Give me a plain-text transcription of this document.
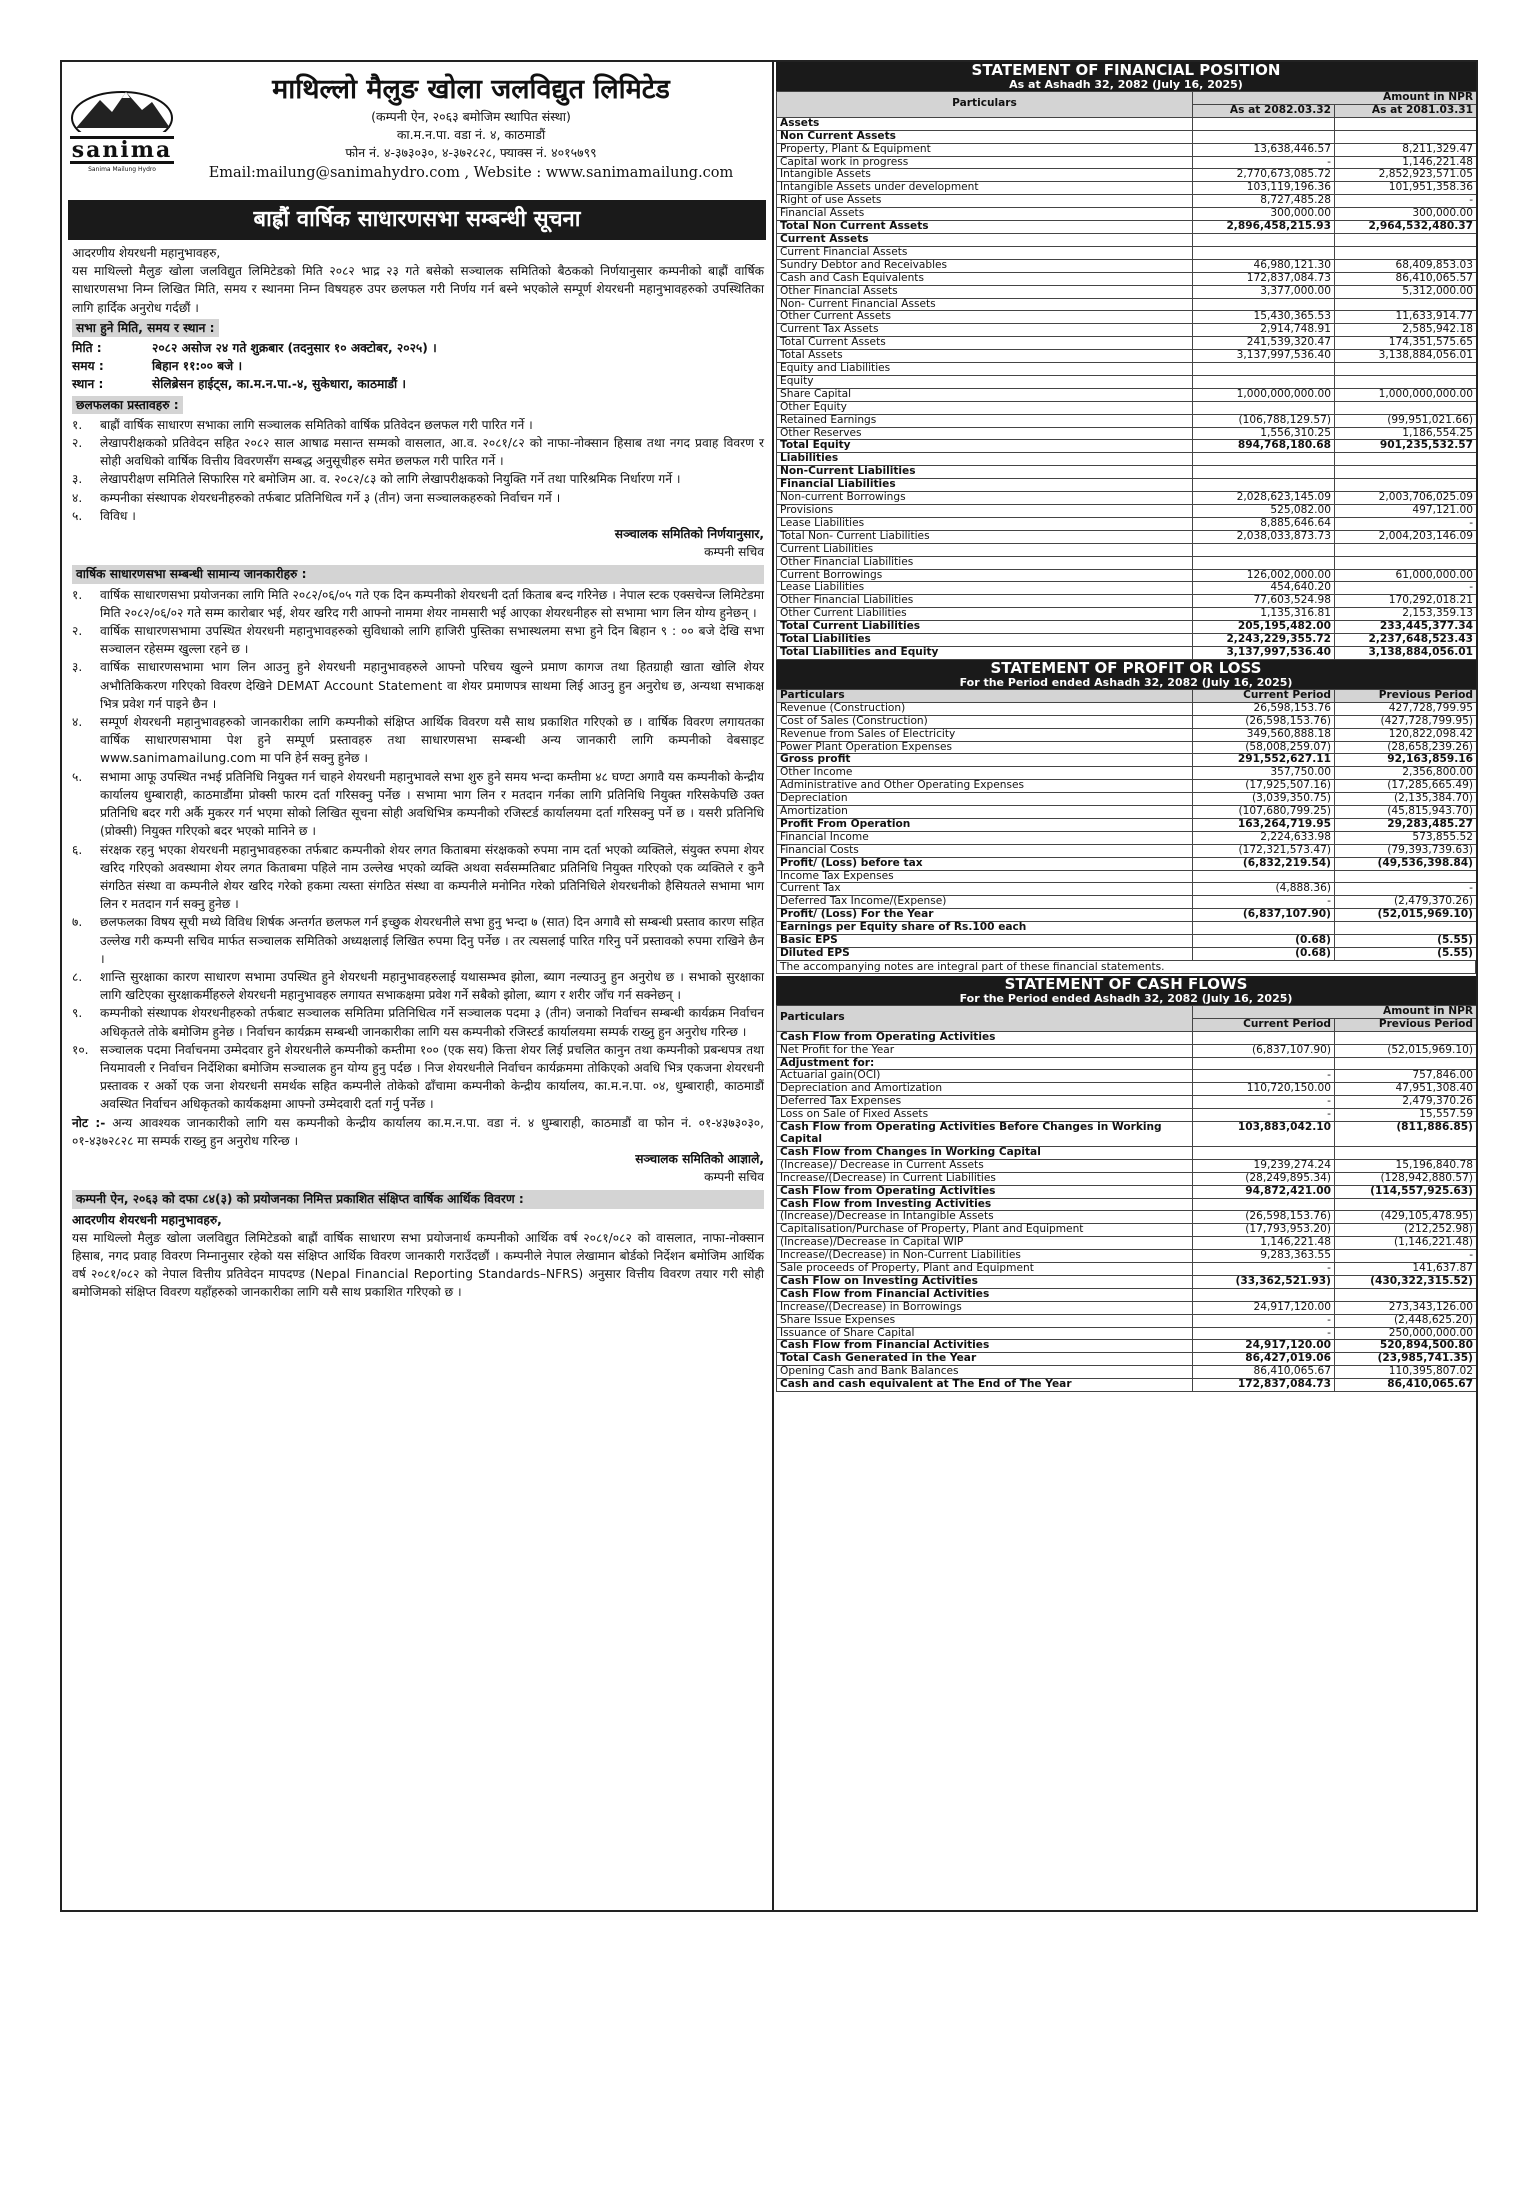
sanima
Sanima Mailung Hydro
माथिल्लो मैलुङ खोला जलविद्युत लिमिटेड
(कम्पनी ऐन, २०६३ बमोजिम स्थापित संस्था)
का.म.न.पा. वडा नं. ४, काठमाडौं
फोन नं. ४-३७३०३०, ४-३७२८२८, फ्याक्स नं. ४०१५७९९
Email:mailung@sanimahydro.com , Website : www.sanimamailung.com
बाह्रौं वार्षिक साधारणसभा सम्बन्धी सूचना

आदरणीय शेयरधनी महानुभावहरु,

यस माथिल्लो मैलुङ खोला जलविद्युत लिमिटेडको मिति २०८२ भाद्र २३ गते बसेको सञ्चालक समितिको बैठकको निर्णयानुसार कम्पनीको बाह्रौं वार्षिक साधारणसभा निम्न लिखित मिति, समय र स्थानमा निम्न विषयहरु उपर छलफल गरी निर्णय गर्न बस्ने भएकोले सम्पूर्ण शेयरधनी महानुभावहरुको उपस्थितिका लागि हार्दिक अनुरोध गर्दछौं ।

सभा हुने मिति, समय र स्थान :
मिति :	२०८२ असोज २४ गते शुक्रबार (तदनुसार १० अक्टोबर, २०२५) ।
समय :	बिहान ११:०० बजे ।
स्थान :	सेलिब्रेसन हाईट्स, का.म.न.पा.-४, सुकेधारा, काठमाडौं ।
छलफलका प्रस्तावहरु :
१.	बाह्रौं वार्षिक साधारण सभाका लागि सञ्चालक समितिको वार्षिक प्रतिवेदन छलफल गरी पारित गर्ने ।
२.	लेखापरीक्षकको प्रतिवेदन सहित २०८२ साल आषाढ मसान्त सम्मको वासलात, आ.व. २०८१/८२ को नाफा-नोक्सान हिसाब तथा नगद प्रवाह विवरण र सोही अवधिको वार्षिक वित्तीय विवरणसँग सम्बद्ध अनुसूचीहरु समेत छलफल गरी पारित गर्ने ।
३.	लेखापरीक्षण समितिले सिफारिस गरे बमोजिम आ. व. २०८२/८३ को लागि लेखापरीक्षकको नियुक्ति गर्ने तथा पारिश्रमिक निर्धारण गर्ने ।
४.	कम्पनीका संस्थापक शेयरधनीहरुको तर्फबाट प्रतिनिधित्व गर्ने ३ (तीन) जना सञ्चालकहरुको निर्वाचन गर्ने ।
५.	विविध ।
सञ्चालक समितिको निर्णयानुसार,
कम्पनी सचिव
वार्षिक साधारणसभा सम्बन्धी सामान्य जानकारीहरु :
१.	वार्षिक साधारणसभा प्रयोजनका लागि मिति २०८२/०६/०५ गते एक दिन कम्पनीको शेयरधनी दर्ता किताब बन्द गरिनेछ । नेपाल स्टक एक्सचेन्ज लिमिटेडमा मिति २०८२/०६/०२ गते सम्म कारोबार भई, शेयर खरिद गरी आफ्नो नाममा शेयर नामसारी भई आएका शेयरधनीहरु सो सभामा भाग लिन योग्य हुनेछन् ।
२.	वार्षिक साधारणसभामा उपस्थित शेयरधनी महानुभावहरुको सुविधाको लागि हाजिरी पुस्तिका सभास्थलमा सभा हुने दिन बिहान ९ : ०० बजे देखि सभा सञ्चालन रहेसम्म खुल्ला रहने छ ।
३.	वार्षिक साधारणसभामा भाग लिन आउनु हुने शेयरधनी महानुभावहरुले आफ्नो परिचय खुल्ने प्रमाण कागज तथा हितग्राही खाता खोलि शेयर अभौतिकिकरण गरिएको विवरण देखिने DEMAT Account Statement वा शेयर प्रमाणपत्र साथमा लिई आउनु हुन अनुरोध छ, अन्यथा सभाकक्ष भित्र प्रवेश गर्न पाइने छैन ।
४.	सम्पूर्ण शेयरधनी महानुभावहरुको जानकारीका लागि कम्पनीको संक्षिप्त आर्थिक विवरण यसै साथ प्रकाशित गरिएको छ । वार्षिक विवरण लगायतका वार्षिक साधारणसभामा पेश हुने सम्पूर्ण प्रस्तावहरु तथा साधारणसभा सम्बन्धी अन्य जानकारी लागि कम्पनीको वेबसाइट www.sanimamailung.com मा पनि हेर्न सक्नु हुनेछ ।
५.	सभामा आफू उपस्थित नभई प्रतिनिधि नियुक्त गर्न चाहने शेयरधनी महानुभावले सभा शुरु हुने समय भन्दा कम्तीमा ४८ घण्टा अगावै यस कम्पनीको केन्द्रीय कार्यालय धुम्बाराही, काठमाडौंमा प्रोक्सी फारम दर्ता गरिसक्नु पर्नेछ । सभामा भाग लिन र मतदान गर्नका लागि प्रतिनिधि नियुक्त गरिसकेपछि उक्त प्रतिनिधि बदर गरी अर्कै मुकरर गर्न भएमा सोको लिखित सूचना सोही अवधिभित्र कम्पनीको रजिस्टर्ड कार्यालयमा दर्ता गरिसक्नु पर्ने छ । यसरी प्रतिनिधि (प्रोक्सी) नियुक्त गरिएको बदर भएको मानिने छ ।
६.	संरक्षक रहनु भएका शेयरधनी महानुभावहरुका तर्फबाट कम्पनीको शेयर लगत किताबमा संरक्षकको रुपमा नाम दर्ता भएको व्यक्तिले, संयुक्त रुपमा शेयर खरिद गरिएको अवस्थामा शेयर लगत किताबमा पहिले नाम उल्लेख भएको व्यक्ति अथवा सर्वसम्मतिबाट प्रतिनिधि नियुक्त गरिएको एक व्यक्तिले र कुनै संगठित संस्था वा कम्पनीले शेयर खरिद गरेको हकमा त्यस्ता संगठित संस्था वा कम्पनीले मनोनित गरेको प्रतिनिधिले शेयरधनीको हैसियतले सभामा भाग लिन र मतदान गर्न सक्नु हुनेछ ।
७.	छलफलका विषय सूची मध्ये विविध शिर्षक अन्तर्गत छलफल गर्न इच्छुक शेयरधनीले सभा हुनु भन्दा ७ (सात) दिन अगावै सो सम्बन्धी प्रस्ताव कारण सहित उल्लेख गरी कम्पनी सचिव मार्फत सञ्चालक समितिको अध्यक्षलाई लिखित रुपमा दिनु पर्नेछ । तर त्यसलाई पारित गरिनु पर्ने प्रस्तावको रुपमा राखिने छैन ।
८.	शान्ति सुरक्षाका कारण साधारण सभामा उपस्थित हुने शेयरधनी महानुभावहरुलाई यथासम्भव झोला, ब्याग नल्याउनु हुन अनुरोध छ । सभाको सुरक्षाका लागि खटिएका सुरक्षाकर्मीहरुले शेयरधनी महानुभावहरु लगायत सभाकक्षमा प्रवेश गर्ने सबैको झोला, ब्याग र शरीर जाँच गर्न सक्नेछन् ।
९.	कम्पनीको संस्थापक शेयरधनीहरुको तर्फबाट सञ्चालक समितिमा प्रतिनिधित्व गर्ने सञ्चालक पदमा ३ (तीन) जनाको निर्वाचन सम्बन्धी कार्यक्रम निर्वाचन अधिकृतले तोके बमोजिम हुनेछ । निर्वाचन कार्यक्रम सम्बन्धी जानकारीका लागि यस कम्पनीको रजिस्टर्ड कार्यालयमा सम्पर्क राख्नु हुन अनुरोध गरिन्छ ।
१०. सञ्चालक पदमा निर्वाचनमा उम्मेदवार हुने शेयरधनीले कम्पनीको कम्तीमा १०० (एक सय) कित्ता शेयर लिई प्रचलित कानुन तथा कम्पनीको प्रबन्धपत्र तथा नियमावली र निर्वाचन निर्देशिका बमोजिम सञ्चालक हुन योग्य हुनु पर्दछ । निज शेयरधनीले निर्वाचन कार्यक्रममा तोकिएको अवधि भित्र एकजना शेयरधनी प्रस्तावक र अर्को एक जना शेयरधनी समर्थक सहित कम्पनीले तोकेको ढाँचामा कम्पनीको केन्द्रीय कार्यालय, का.म.न.पा. ०४, धुम्बाराही, काठमाडौं अवस्थित निर्वाचन अधिकृतको कार्यकक्षमा आफ्नो उम्मेदवारी दर्ता गर्नु पर्नेछ ।

नोट :- अन्य आवश्यक जानकारीको लागि यस कम्पनीको केन्द्रीय कार्यालय का.म.न.पा. वडा नं. ४ धुम्बाराही, काठमाडौं वा फोन नं. ०१-४३७३०३०, ०१-४३७२८२८ मा सम्पर्क राख्नु हुन अनुरोध गरिन्छ ।

सञ्चालक समितिको आज्ञाले,
कम्पनी सचिव
कम्पनी ऐन, २०६३ को दफा ८४(३) को प्रयोजनका निमित्त प्रकाशित संक्षिप्त वार्षिक आर्थिक विवरण :

आदरणीय शेयरधनी महानुभावहरु,

यस माथिल्लो मैलुङ खोला जलविद्युत लिमिटेडको बाह्रौं वार्षिक साधारण सभा प्रयोजनार्थ कम्पनीको आर्थिक वर्ष २०८१/०८२ को वासलात, नाफा-नोक्सान हिसाब, नगद प्रवाह विवरण निम्नानुसार रहेको यस संक्षिप्त आर्थिक विवरण जानकारी गराउँदछौं । कम्पनीले नेपाल लेखामान बोर्डको निर्देशन बमोजिम आर्थिक वर्ष २०८१/०८२ को नेपाल वित्तीय प्रतिवेदन मापदण्ड (Nepal Financial Reporting Standards–NFRS) अनुसार वित्तीय विवरण तयार गरी सोही बमोजिमको संक्षिप्त विवरण यहाँहरुको जानकारीका लागि यसै साथ प्रकाशित गरिएको छ ।

STATEMENT OF FINANCIAL POSITION
As at Ashadh 32, 2082 (July 16, 2025)
Particulars	Amount in NPR	
	As at 2082.03.32	As at 2081.03.31
Assets		
Non Current Assets		
Property, Plant & Equipment	13,638,446.57	8,211,329.47
Capital work in progress	-	1,146,221.48
Intangible Assets	2,770,673,085.72	2,852,923,571.05
Intangible Assets under development	103,119,196.36	101,951,358.36
Right of use Assets	8,727,485.28	-
Financial Assets	300,000.00	300,000.00
Total Non Current Assets	2,896,458,215.93	2,964,532,480.37
Current Assets		
Current Financial Assets		
Sundry Debtor and Receivables	46,980,121.30	68,409,853.03
Cash and Cash Equivalents	172,837,084.73	86,410,065.57
Other Financial Assets	3,377,000.00	5,312,000.00
Non- Current Financial Assets		
Other Current Assets	15,430,365.53	11,633,914.77
Current Tax Assets	2,914,748.91	2,585,942.18
Total Current Assets	241,539,320.47	174,351,575.65
Total Assets	3,137,997,536.40	3,138,884,056.01
Equity and Liabilities		
Equity		
Share Capital	1,000,000,000.00	1,000,000,000.00
Other Equity		
Retained Earnings	(106,788,129.57)	(99,951,021.66)
Other Reserves	1,556,310.25	1,186,554.25
Total Equity	894,768,180.68	901,235,532.57
Liabilities		
Non-Current Liabilities		
Financial Liabilities		
Non-current Borrowings	2,028,623,145.09	2,003,706,025.09
Provisions	525,082.00	497,121.00
Lease Liabilities	8,885,646.64	-
Total Non- Current Liabilities	2,038,033,873.73	2,004,203,146.09
Current Liabilities		
Other Financial Liabilities		
Current Borrowings	126,002,000.00	61,000,000.00
Lease Liabilities	454,640.20	-
Other Financial Liabilities	77,603,524.98	170,292,018.21
Other Current Liabilities	1,135,316.81	2,153,359.13
Total Current Liabilities	205,195,482.00	233,445,377.34
Total Liabilities	2,243,229,355.72	2,237,648,523.43
Total Liabilities and Equity	3,137,997,536.40	3,138,884,056.01
STATEMENT OF PROFIT OR LOSS
For the Period ended Ashadh 32, 2082 (July 16, 2025)
Particulars	Current Period	Previous Period
Revenue (Construction)	26,598,153.76	427,728,799.95
Cost of Sales (Construction)	(26,598,153.76)	(427,728,799.95)
Revenue from Sales of Electricity	349,560,888.18	120,822,098.42
Power Plant Operation Expenses	(58,008,259.07)	(28,658,239.26)
Gross profit	291,552,627.11	92,163,859.16
Other Income	357,750.00	2,356,800.00
Administrative and Other Operating Expenses	(17,925,507.16)	(17,285,665.49)
Depreciation	(3,039,350.75)	(2,135,384.70)
Amortization	(107,680,799.25)	(45,815,943.70)
Profit From Operation	163,264,719.95	29,283,485.27
Financial Income	2,224,633.98	573,855.52
Financial Costs	(172,321,573.47)	(79,393,739.63)
Profit/ (Loss) before tax	(6,832,219.54)	(49,536,398.84)
Income Tax Expenses		
Current Tax	(4,888.36)	-
Deferred Tax Income/(Expense)	-	(2,479,370.26)
Profit/ (Loss) For the Year	(6,837,107.90)	(52,015,969.10)
Earnings per Equity share of Rs.100 each		
Basic EPS	(0.68)	(5.55)
Diluted EPS	(0.68)	(5.55)
The accompanying notes are integral part of these financial statements.
STATEMENT OF CASH FLOWS
For the Period ended Ashadh 32, 2082 (July 16, 2025)
Particulars	Amount in NPR	
	Current Period	Previous Period
Cash Flow from Operating Activities		
Net Profit for the Year	(6,837,107.90)	(52,015,969.10)
Adjustment for:		
Actuarial gain(OCI)	-	757,846.00
Depreciation and Amortization	110,720,150.00	47,951,308.40
Deferred Tax Expenses	-	2,479,370.26
Loss on Sale of Fixed Assets	-	15,557.59
Cash Flow from Operating Activities Before Changes in Working Capital	103,883,042.10	(811,886.85)
Cash Flow from Changes in Working Capital		
(Increase)/ Decrease in Current Assets	19,239,274.24	15,196,840.78
Increase/(Decrease) in Current Liabilities	(28,249,895.34)	(128,942,880.57)
Cash Flow from Operating Activities	94,872,421.00	(114,557,925.63)
Cash Flow from Investing Activities		
(Increase)/Decrease in Intangible Assets	(26,598,153.76)	(429,105,478.95)
Capitalisation/Purchase of Property, Plant and Equipment	(17,793,953.20)	(212,252.98)
(Increase)/Decrease in Capital WIP	1,146,221.48	(1,146,221.48)
Increase/(Decrease) in Non-Current Liabilities	9,283,363.55	-
Sale proceeds of Property, Plant and Equipment	-	141,637.87
Cash Flow on Investing Activities	(33,362,521.93)	(430,322,315.52)
Cash Flow from Financial Activities		
Increase/(Decrease) in Borrowings	24,917,120.00	273,343,126.00
Share Issue Expenses	-	(2,448,625.20)
Issuance of Share Capital	-	250,000,000.00
Cash Flow from Financial Activities	24,917,120.00	520,894,500.80
Total Cash Generated in the Year	86,427,019.06	(23,985,741.35)
Opening Cash and Bank Balances	86,410,065.67	110,395,807.02
Cash and cash equivalent at The End of The Year	172,837,084.73	86,410,065.67
